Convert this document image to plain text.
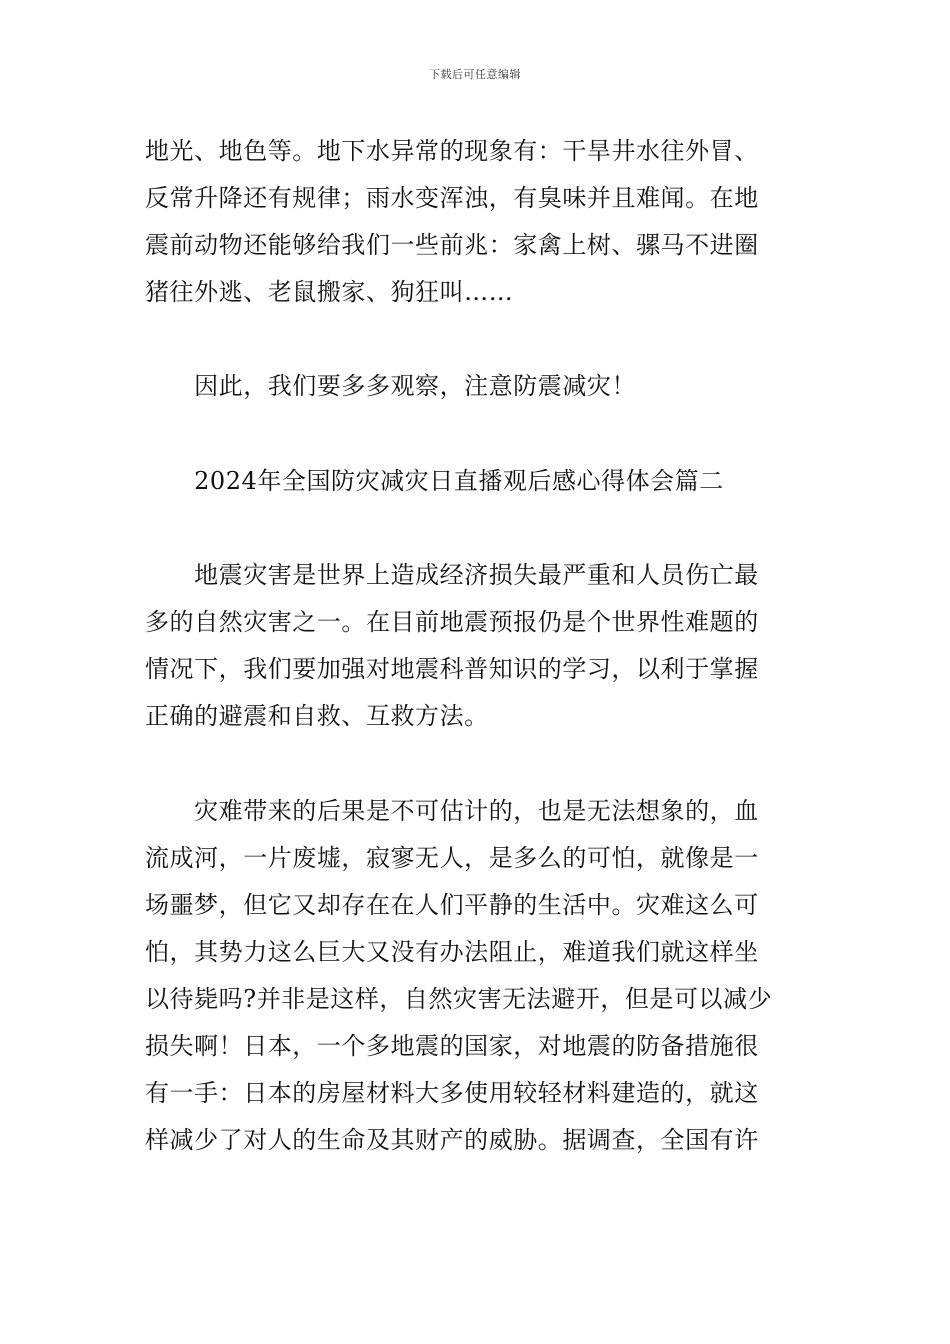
下载后可任意编辑
地光、地色等。地下水异常的现象有：干旱井水往外冒、
反常升降还有规律；雨水变浑浊，有臭味并且难闻。在地
震前动物还能够给我们一些前兆：家禽上树、骡马不进圈
猪往外逃、老鼠搬家、狗狂叫……
　　因此，我们要多多观察，注意防震减灾！
　　2024年全国防灾减灾日直播观后感心得体会篇二
　　地震灾害是世界上造成经济损失最严重和人员伤亡最
多的自然灾害之一。在目前地震预报仍是个世界性难题的
情况下，我们要加强对地震科普知识的学习，以利于掌握
正确的避震和自救、互救方法。
　　灾难带来的后果是不可估计的，也是无法想象的，血
流成河，一片废墟，寂寥无人，是多么的可怕，就像是一
场噩梦，但它又却存在在人们平静的生活中。灾难这么可
怕，其势力这么巨大又没有办法阻止，难道我们就这样坐
以待毙吗?并非是这样，自然灾害无法避开，但是可以减少
损失啊！日本，一个多地震的国家，对地震的防备措施很
有一手：日本的房屋材料大多使用较轻材料建造的，就这
样减少了对人的生命及其财产的威胁。据调查，全国有许
